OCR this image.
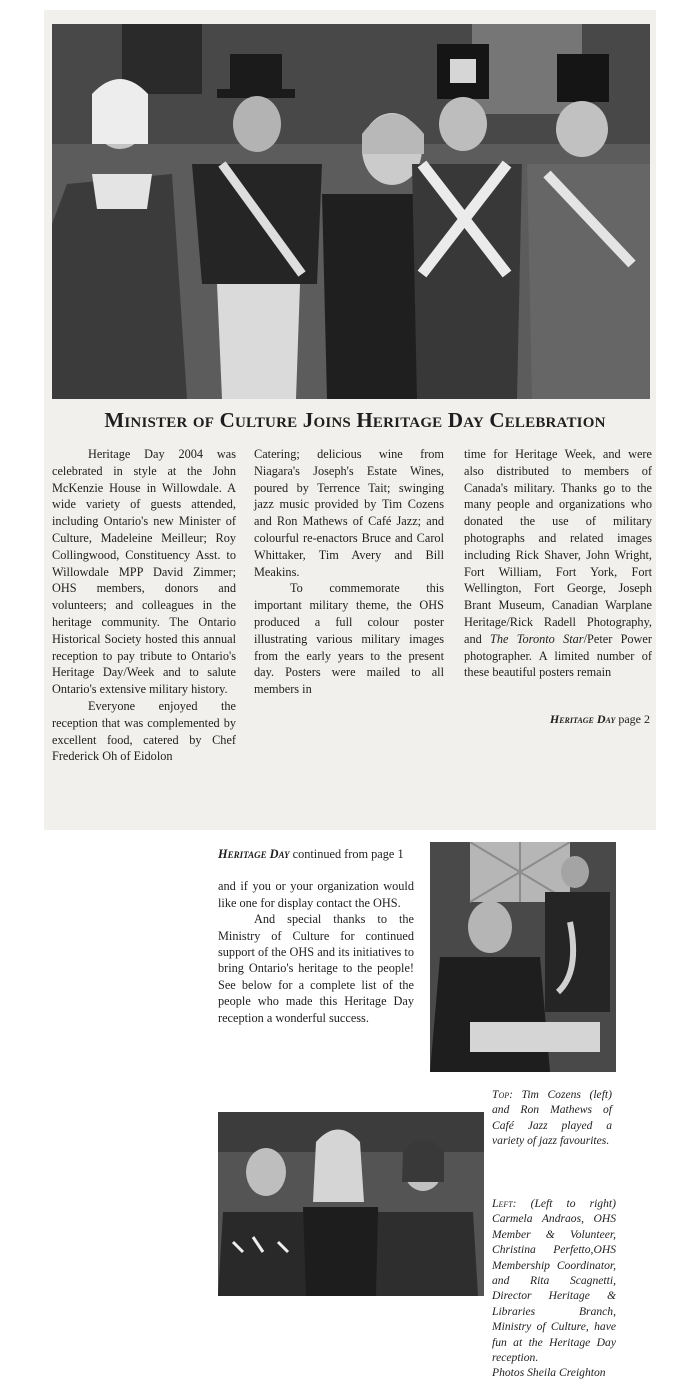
Minister of Culture Joins Heritage Day Celebration

Heritage Day 2004 was celebrated in style at the John McKenzie House in Willowdale. A wide variety of guests attended, including Ontario's new Minister of Culture, Madeleine Meilleur; Roy Collingwood, Constituency Asst. to Willowdale MPP David Zimmer; OHS members, donors and volunteers; and colleagues in the heritage community. The Ontario Historical Society hosted this annual reception to pay tribute to Ontario's Heritage Day/Week and to salute Ontario's extensive military history.

Everyone enjoyed the reception that was complemented by excellent food, catered by Chef Frederick Oh of Eidolon

Catering; delicious wine from Niagara's Joseph's Estate Wines, poured by Terrence Tait; swinging jazz music provided by Tim Cozens and Ron Mathews of Café Jazz; and colourful re-enactors Bruce and Carol Whittaker, Tim Avery and Bill Meakins.

To commemorate this important military theme, the OHS produced a full colour poster illustrating various military images from the early years to the present day. Posters were mailed to all members in

time for Heritage Week, and were also distributed to members of Canada's military. Thanks go to the many people and organizations who donated the use of military photographs and related images including Rick Shaver, John Wright, Fort William, Fort York, Fort Wellington, Fort George, Joseph Brant Museum, Canadian Warplane Heritage/Rick Radell Photography, and The Toronto Star/Peter Power photographer. A limited number of these beautiful posters remain

Heritage Day page 2

Heritage Day continued from page 1

and if you or your organization would like one for display contact the OHS.

And special thanks to the Ministry of Culture for continued support of the OHS and its initiatives to bring Ontario's heritage to the people! See below for a complete list of the people who made this Heritage Day reception a wonderful success.

Top: Tim Cozens (left) and Ron Mathews of Café Jazz played a variety of jazz favourites.
Left: (Left to right) Carmela Andraos, OHS Member & Volunteer, Christina Perfetto,OHS Membership Coordinator, and Rita Scagnetti, Director Heritage & Libraries Branch, Ministry of Culture, have fun at the Heritage Day reception.
Photos Sheila Creighton
